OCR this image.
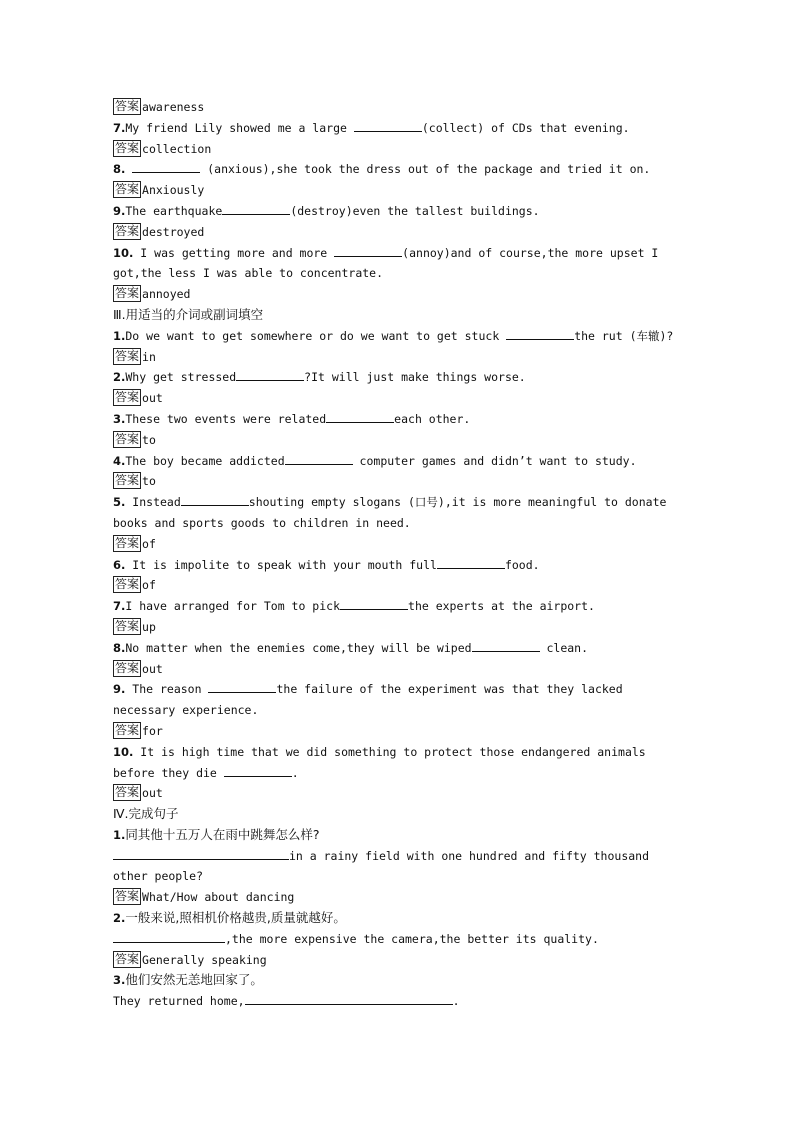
答案 awareness
7.My friend Lily showed me a large	(collect) of CDs that evening.
答案 collection
8.	(anxious),she took the dress out of the package and tried it on.
答案 Anxiously
9.The earthquake	(destroy)even the tallest buildings.
答案 destroyed
10. I was getting more and more	(annoy)and of course,the more upset I got,the less I was able to concentrate.
答案 annoyed
Ⅲ.用适当的介词或副词填空
1.Do we want to get somewhere or do we want to get stuck	the rut (车辙)?
答案 in
2.Why get stressed	?It will just make things worse.
答案 out
3.These two events were related	each other.
答案 to
4.The boy became addicted	computer games and didn’t want to study.
答案 to
5. Instead	shouting empty slogans (口号),it is more meaningful to donate books and sports goods to children in need.
答案 of
6. It is impolite to speak with your mouth full	food.
答案 of
7.I have arranged for Tom to pick	the experts at the airport.
答案 up
8.No matter when the enemies come,they will be wiped	clean.
答案 out
9. The reason	the failure of the experiment was that they lacked necessary experience.
答案 for
10. It is high time that we did something to protect those endangered animals before they die	.
答案 out
Ⅳ.完成句子
1.同其他十五万人在雨中跳舞怎么样?
in a rainy field with one hundred and fifty thousand other people?
答案 What/How about dancing
2.一般来说,照相机价格越贵,质量就越好。
,the more expensive the camera,the better its quality.
答案 Generally speaking
3.他们安然无恙地回家了。
They returned home,	.
